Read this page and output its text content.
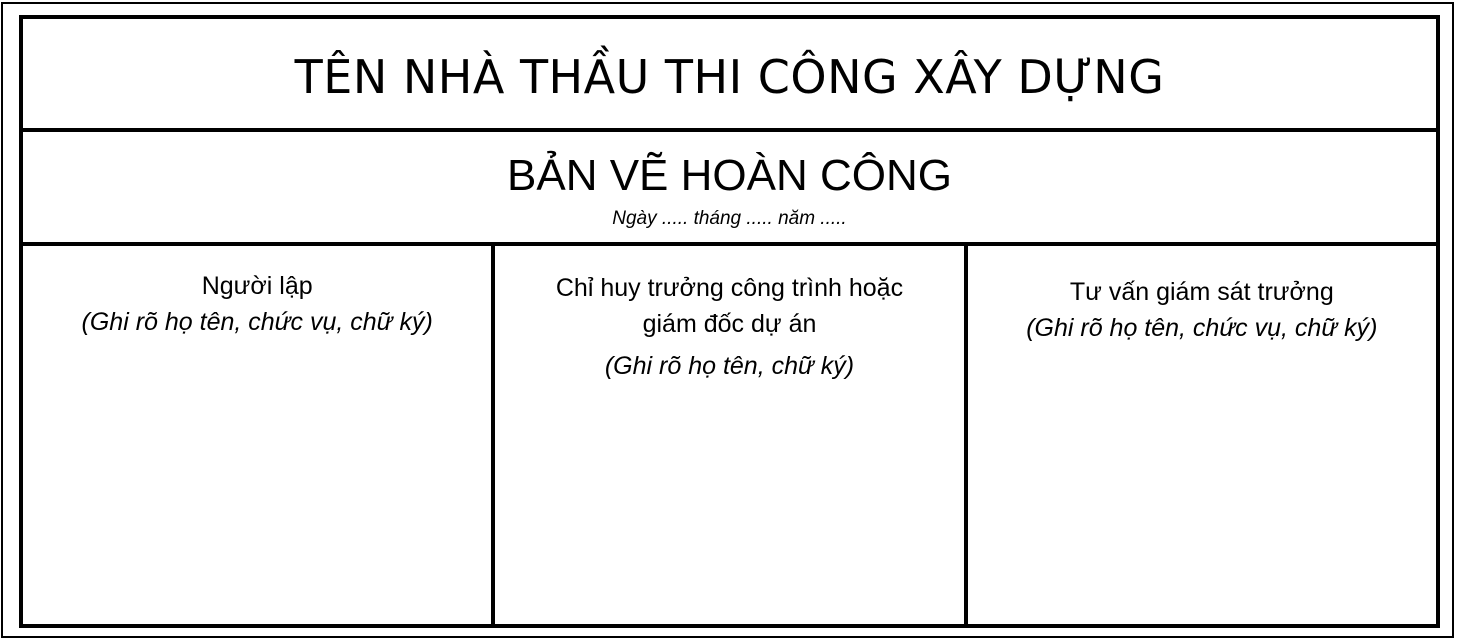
TÊN NHÀ THẦU THI CÔNG XÂY DỰNG
BẢN VẼ HOÀN CÔNG
Ngày ..... tháng ..... năm .....
Người lập
(Ghi rõ họ tên, chức vụ, chữ ký)
Chỉ huy trưởng công trình hoặc
giám đốc dự án
(Ghi rõ họ tên, chữ ký)
Tư vấn giám sát trưởng
(Ghi rõ họ tên, chức vụ, chữ ký)
